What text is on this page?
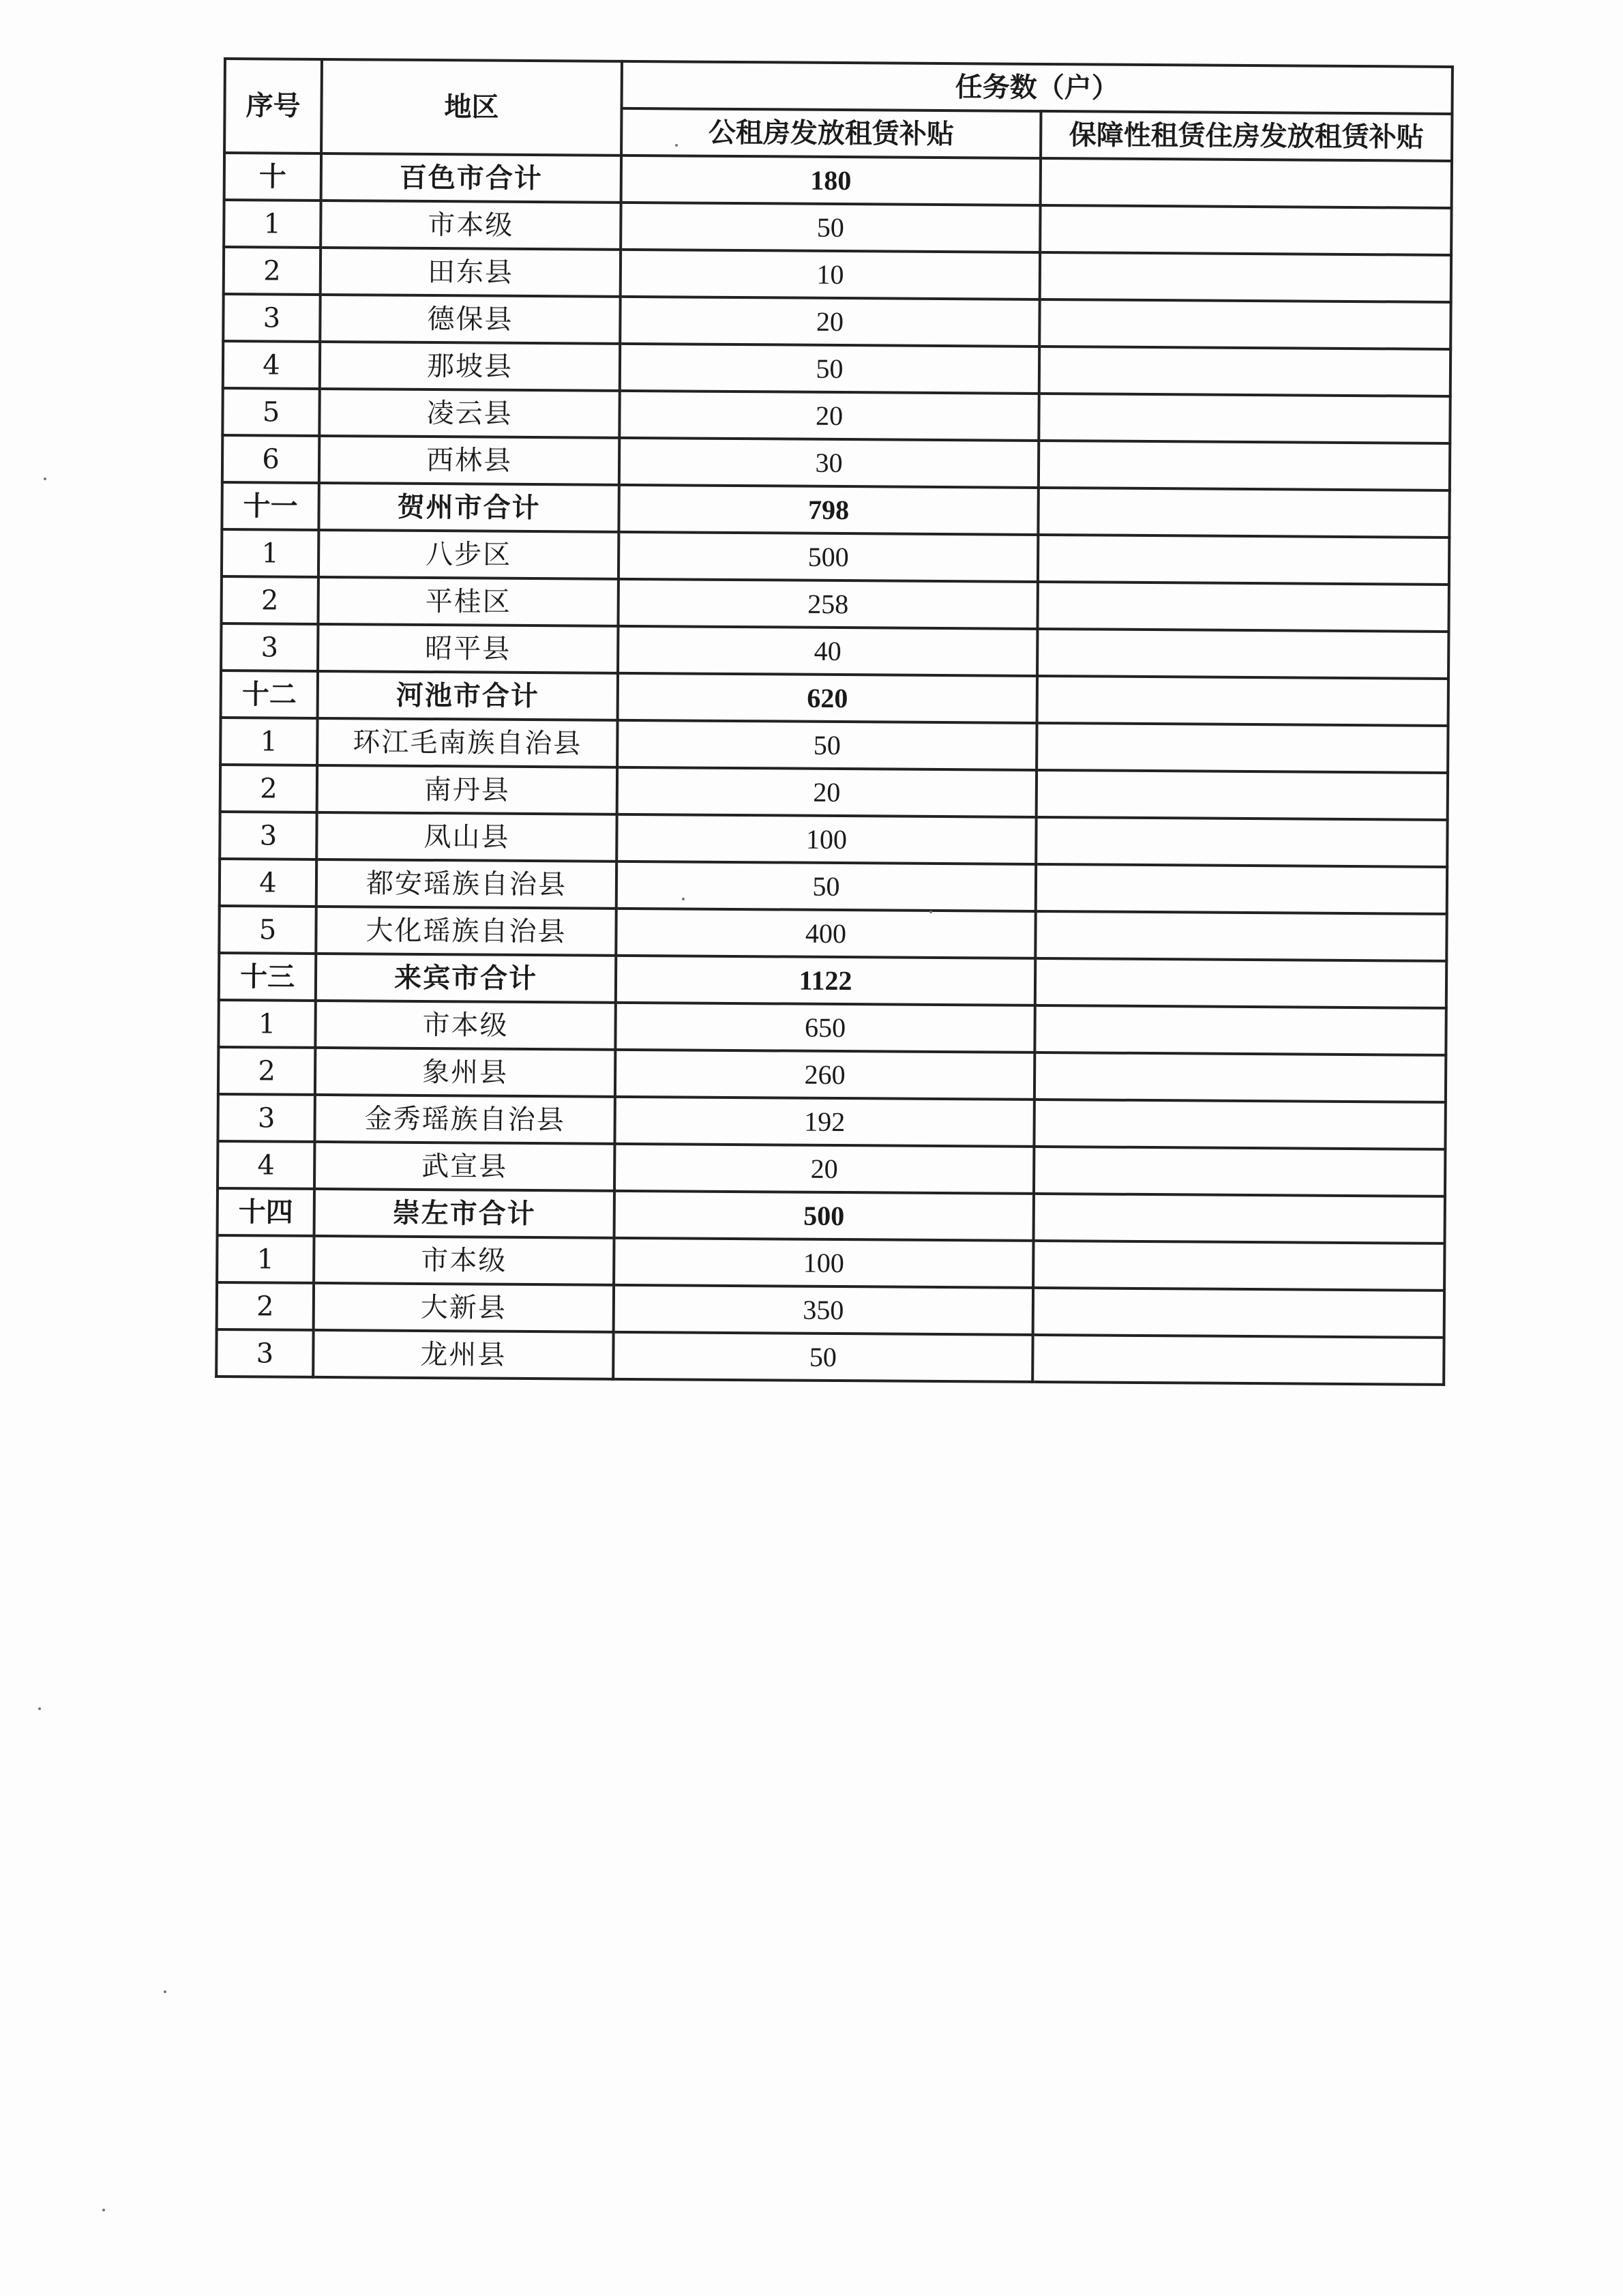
序号	地区	任务数（户）	
		公租房发放租赁补贴	保障性租赁住房发放租赁补贴
十	百色市合计	180	
1	市本级	50	
2	田东县	10	
3	德保县	20	
4	那坡县	50	
5	凌云县	20	
6	西林县	30	
十一	贺州市合计	798	
1	八步区	500	
2	平桂区	258	
3	昭平县	40	
十二	河池市合计	620	
1	环江毛南族自治县	50	
2	南丹县	20	
3	凤山县	100	
4	都安瑶族自治县	50	
5	大化瑶族自治县	400	
十三	来宾市合计	1122	
1	市本级	650	
2	象州县	260	
3	金秀瑶族自治县	192	
4	武宣县	20	
十四	崇左市合计	500	
1	市本级	100	
2	大新县	350	
3	龙州县	50	
